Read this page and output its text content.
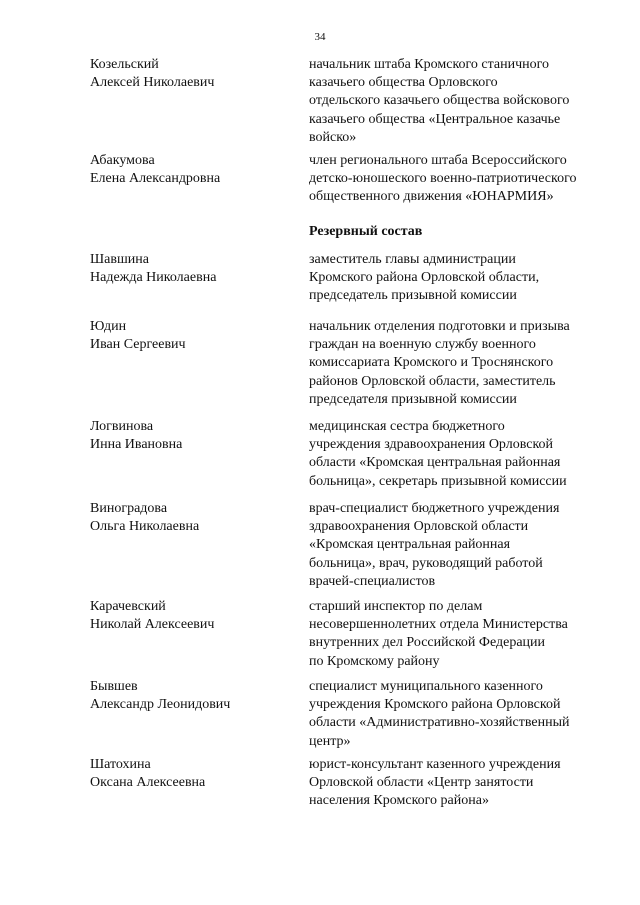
34
Козельский
Алексей Николаевич
начальник штаба Кромского станичного
казачьего общества Орловского
отдельского казачьего общества войскового
казачьего общества «Центральное казачье
войско»
Абакумова
Елена Александровна
член регионального штаба Всероссийского
детско-юношеского военно-патриотического
общественного движения «ЮНАРМИЯ»
Резервный состав
Шавшина
Надежда Николаевна
заместитель главы администрации
Кромского района Орловской области,
председатель призывной комиссии
Юдин
Иван Сергеевич
начальник отделения подготовки и призыва
граждан на военную службу военного
комиссариата Кромского и Троснянского
районов Орловской области, заместитель
председателя призывной комиссии
Логвинова
Инна Ивановна
медицинская сестра бюджетного
учреждения здравоохранения Орловской
области «Кромская центральная районная
больница», секретарь призывной комиссии
Виноградова
Ольга Николаевна
врач-специалист бюджетного учреждения
здравоохранения Орловской области
«Кромская центральная районная
больница», врач, руководящий работой
врачей-специалистов
Карачевский
Николай Алексеевич
старший инспектор по делам
несовершеннолетних отдела Министерства
внутренних дел Российской Федерации
по Кромскому району
Бывшев
Александр Леонидович
специалист муниципального казенного
учреждения Кромского района Орловской
области «Административно-хозяйственный
центр»
Шатохина
Оксана Алексеевна
юрист-консультант казенного учреждения
Орловской области «Центр занятости
населения Кромского района»
